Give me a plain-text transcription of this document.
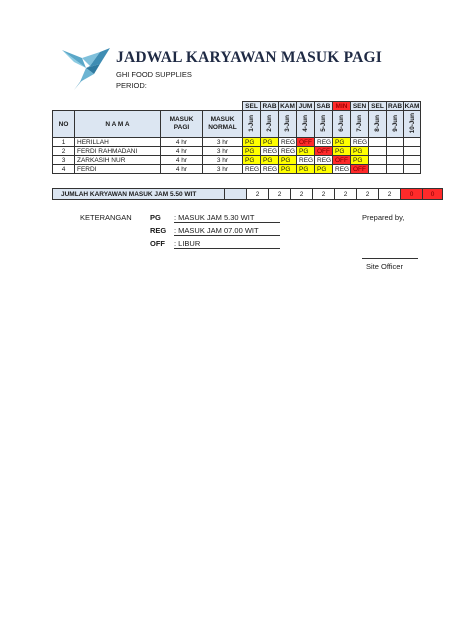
JADWAL KARYAWAN MASUK PAGI
GHI FOOD SUPPLIES
PERIOD:
				SEL	RAB	KAM	JUM	SAB	MIN	SEN	SEL	RAB	KAM
NO	N A M A	MASUK PAGI	MASUK NORMAL	1-Jun	2-Jun	3-Jun	4-Jun	5-Jun	6-Jun	7-Jun	8-Jun	9-Jun	10-Jun
1	HERILLAH	4 hr	3 hr	PG	PG	REG	OFF	REG	PG	REG			
2	FERDI RAHMADANI	4 hr	3 hr	PG	REG	REG	PG	OFF	PG	PG			
3	ZARKASIH NUR	4 hr	3 hr	PG	PG	PG	REG	REG	OFF	PG			
4	FERDI	4 hr	3 hr	REG	REG	PG	PG	PG	REG	OFF			
JUMLAH KARYAWAN MASUK JAM 5.50 WIT		2	2	2	2	2	2	2	0	0
KETERANGAN PG : MASUK JAM 5.30 WIT
REG : MASUK JAM 07.00 WIT
OFF : LIBUR
Prepared by,
Site Officer
